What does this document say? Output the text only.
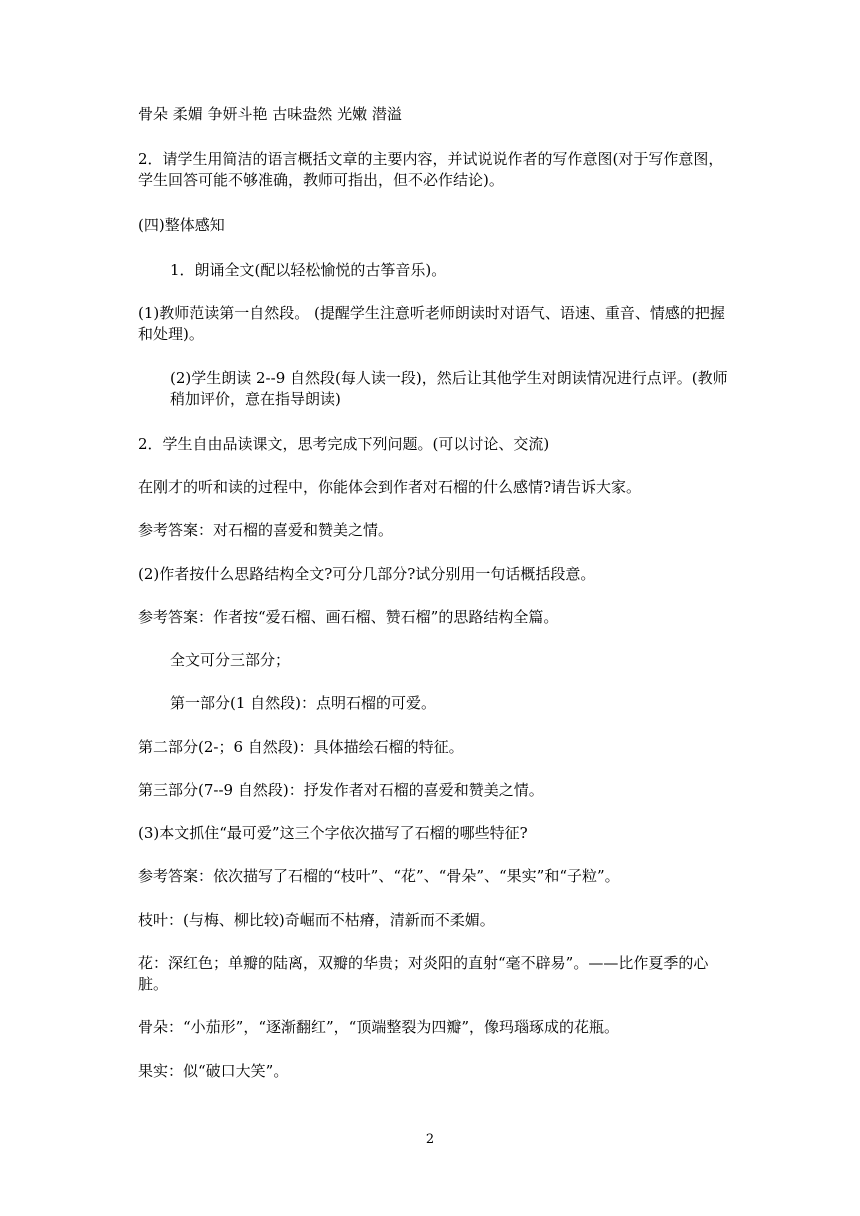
骨朵 柔媚 争妍斗艳 古味盎然 光嫩 潜溢
2．请学生用简洁的语言概括文章的主要内容，并试说说作者的写作意图(对于写作意图，学生回答可能不够准确，教师可指出，但不必作结论)。
(四)整体感知
1．朗诵全文(配以轻松愉悦的古筝音乐)。
(1)教师范读第一自然段。 (提醒学生注意听老师朗读时对语气、语速、重音、情感的把握和处理)。
(2)学生朗读 2--9 自然段(每人读一段)，然后让其他学生对朗读情况进行点评。(教师稍加评价，意在指导朗读)
2．学生自由品读课文，思考完成下列问题。(可以讨论、交流)
在刚才的听和读的过程中，你能体会到作者对石榴的什么感情?请告诉大家。
参考答案：对石榴的喜爱和赞美之情。
(2)作者按什么思路结构全文?可分几部分?试分别用一句话概括段意。
参考答案：作者按“爱石榴、画石榴、赞石榴”的思路结构全篇。
全文可分三部分；
第一部分(1 自然段)：点明石榴的可爱。
第二部分(2-；6 自然段)：具体描绘石榴的特征。
第三部分(7--9 自然段)：抒发作者对石榴的喜爱和赞美之情。
(3)本文抓住“最可爱”这三个字依次描写了石榴的哪些特征?
参考答案：依次描写了石榴的“枝叶”、“花”、“骨朵”、“果实”和“子粒”。
枝叶：(与梅、柳比较)奇崛而不枯瘠，清新而不柔媚。
花：深红色；单瓣的陆离，双瓣的华贵；对炎阳的直射“毫不辟易”。——比作夏季的心脏。
骨朵：“小茄形”，“逐渐翻红”，“顶端整裂为四瓣”，像玛瑙琢成的花瓶。
果实：似“破口大笑”。
2
